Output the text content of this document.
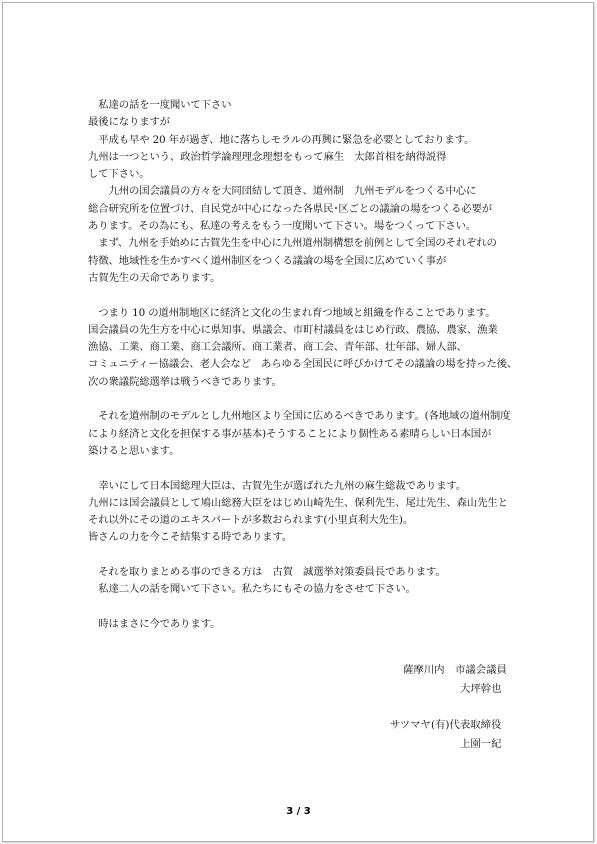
　私達の話を一度聞いて下さい
最後になりますが
　平成も早や 20 年が過ぎ、地に落ちしモラルの再興に緊急を必要としております。
九州は一つという、政治哲学論理理念理想をもって麻生　太郎首相を納得説得
して下さい。
　　九州の国会議員の方々を大同団結して頂き、道州制　九州モデルをつくる中心に
総合研究所を位置づけ、自民党が中心になった各県民･区ごとの議論の場をつくる必要が
あります。その為にも、私達の考えをもう一度聞いて下さい。場をつくって下さい。
　まず、九州を手始めに古賀先生を中心に九州道州制構想を前例として全国のそれぞれの
特徴、地域性を生かすべく道州制区をつくる議論の場を全国に広めていく事が
古賀先生の天命であります。
　つまり 10 の道州制地区に経済と文化の生まれ育つ地域と組織を作ることであります。
国会議員の先生方を中心に県知事、県議会、市町村議員をはじめ行政、農協、農家、漁業
漁協、工業、商工業、商工会議所、商工業者、商工会、青年部、壮年部、婦人部、
コミュニティー協議会、老人会など　あらゆる全国民に呼びかけてその議論の場を持った後、
次の衆議院総選挙は戦うべきであります。
　それを道州制のモデルとし九州地区より全国に広めるべきであります。(各地域の道州制度
により経済と文化を担保する事が基本)そうすることにより個性ある素晴らしい日本国が
築けると思います。
　幸いにして日本国総理大臣は、古賀先生が選ばれた九州の麻生総裁であります。
九州には国会議員として鳩山総務大臣をはじめ山崎先生、保利先生、尾辻先生、森山先生と
それ以外にその道のエキスパートが多数おられます(小里貞利大先生)。
皆さんの力を今こそ結集する時であります。
　それを取りまとめる事のできる方は　古賀　誠選挙対策委員長であります。
　私達二人の話を聞いて下さい。私たちにもその協力をさせて下さい。
　時はまさに今であります。
薩摩川内　市議会議員
大坪幹也
サツマヤ(有)代表取締役
上園一紀
3 / 3
